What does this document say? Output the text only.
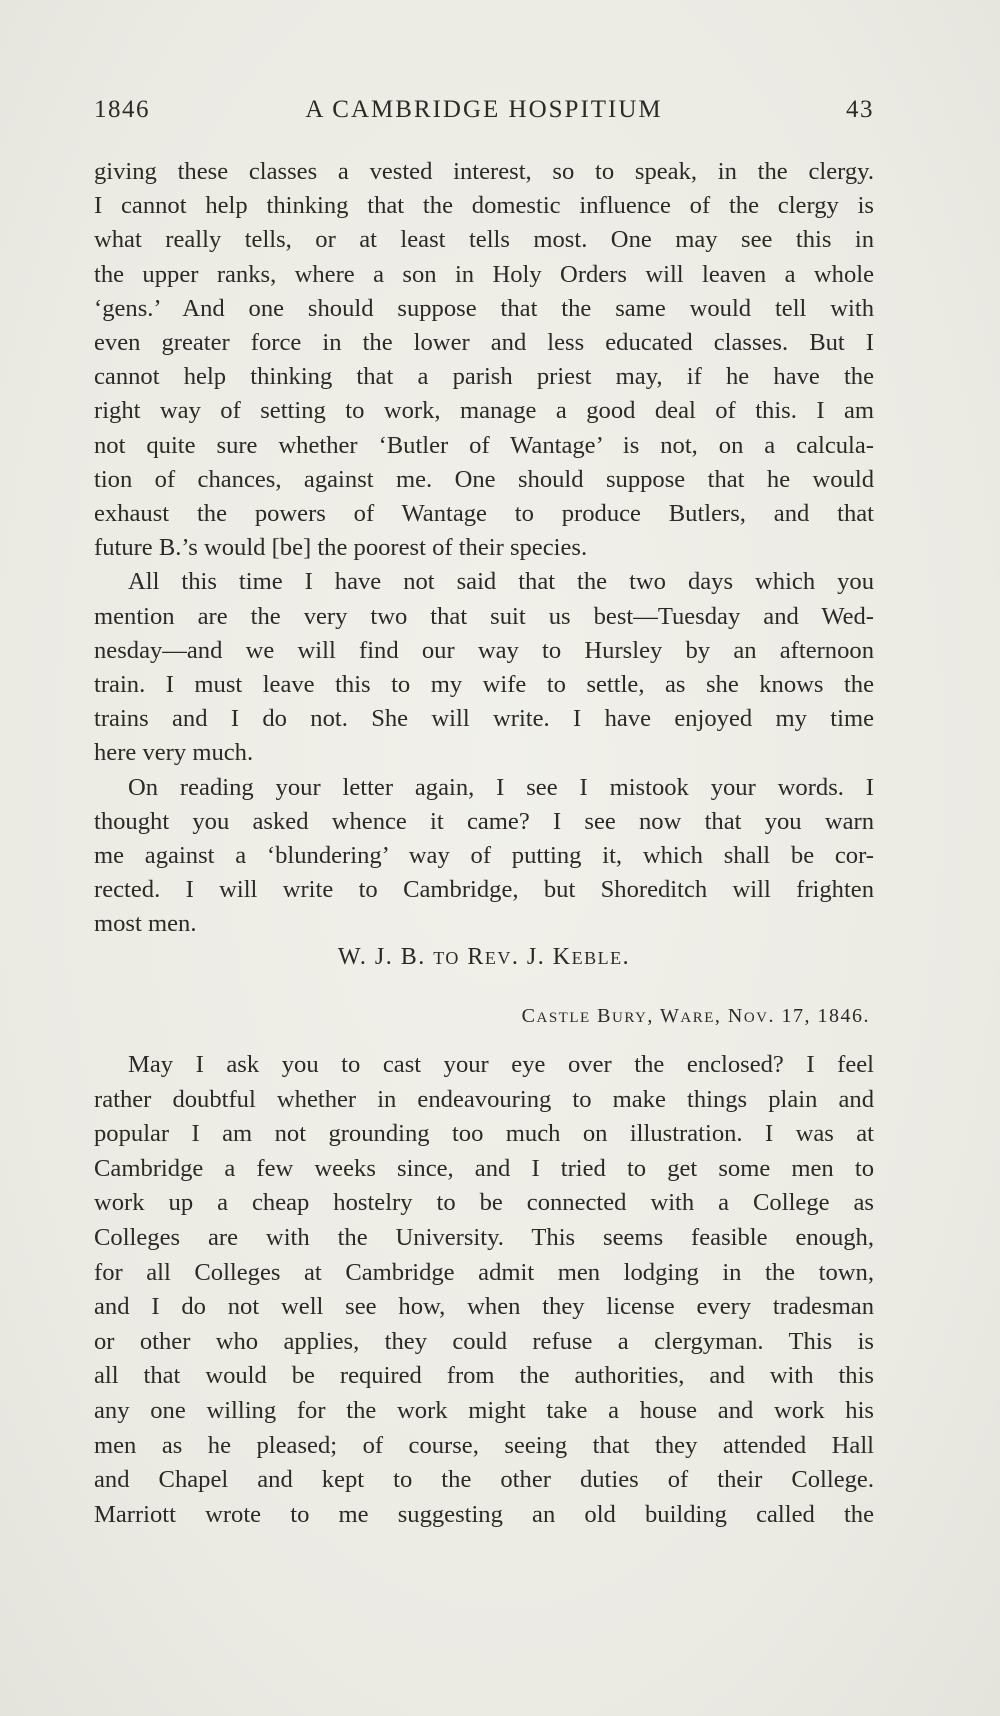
1846	A CAMBRIDGE HOSPITIUM	43
giving these classes a vested interest, so to speak, in the clergy.
I cannot help thinking that the domestic influence of the clergy is
what really tells, or at least tells most. One may see this in
the upper ranks, where a son in Holy Orders will leaven a whole
‘gens.’ And one should suppose that the same would tell with
even greater force in the lower and less educated classes. But I
cannot help thinking that a parish priest may, if he have the
right way of setting to work, manage a good deal of this. I am
not quite sure whether ‘Butler of Wantage’ is not, on a calcula-
tion of chances, against me. One should suppose that he would
exhaust the powers of Wantage to produce Butlers, and that
future B.’s would [be] the poorest of their species.
All this time I have not said that the two days which you
mention are the very two that suit us best—Tuesday and Wed-
nesday—and we will find our way to Hursley by an afternoon
train. I must leave this to my wife to settle, as she knows the
trains and I do not. She will write. I have enjoyed my time
here very much.
On reading your letter again, I see I mistook your words. I
thought you asked whence it came? I see now that you warn
me against a ‘blundering’ way of putting it, which shall be cor-
rected. I will write to Cambridge, but Shoreditch will frighten
most men.
W. J. B. TO REV. J. KEBLE.
CASTLE BURY, WARE, NOV. 17, 1846.
May I ask you to cast your eye over the enclosed? I feel
rather doubtful whether in endeavouring to make things plain and
popular I am not grounding too much on illustration. I was at
Cambridge a few weeks since, and I tried to get some men to
work up a cheap hostelry to be connected with a College as
Colleges are with the University. This seems feasible enough,
for all Colleges at Cambridge admit men lodging in the town,
and I do not well see how, when they license every tradesman
or other who applies, they could refuse a clergyman. This is
all that would be required from the authorities, and with this
any one willing for the work might take a house and work his
men as he pleased; of course, seeing that they attended Hall
and Chapel and kept to the other duties of their College.
Marriott wrote to me suggesting an old building called the
